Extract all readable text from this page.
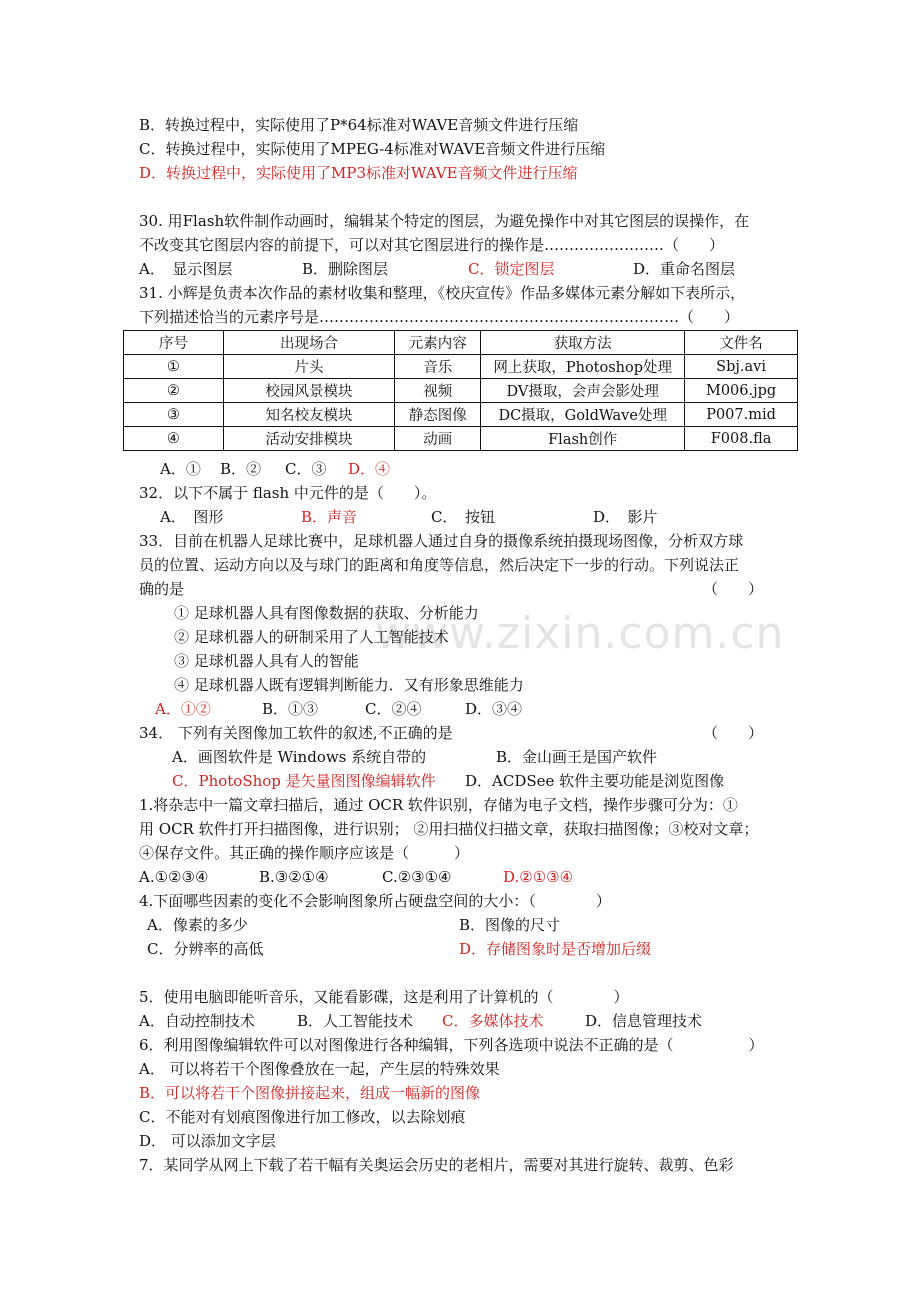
www.zixin.com.cn
B．转换过程中，实际使用了P*64标准对WAVE音频文件进行压缩
C．转换过程中，实际使用了MPEG-4标准对WAVE音频文件进行压缩
D．转换过程中，实际使用了MP3标准对WAVE音频文件进行压缩
30. 用Flash软件制作动画时，编辑某个特定的图层，为避免操作中对其它图层的误操作，在
不改变其它图层内容的前提下，可以对其它图层进行的操作是……………………（　　）
A．　显示图层	B．删除图层	C．锁定图层	D．重命名图层
31. 小辉是负责本次作品的素材收集和整理，《校庆宣传》作品多媒体元素分解如下表所示，
下列描述恰当的元素序号是………………………………………………………………（　　）
序号	出现场合	元素内容	获取方法	文件名
①	片头	音乐	网上获取，Photoshop处理	Sbj.avi
②	校园风景模块	视频	DV摄取，会声会影处理	M006.jpg
③	知名校友模块	静态图像	DC摄取，GoldWave处理	P007.mid
④	活动安排模块	动画	Flash创作	F008.fla
A．① B．② C．③ D．④
32．以下不属于 flash 中元件的是（　　）。
A．　图形	B．声音	C．　按钮	D．　影片
33．目前在机器人足球比赛中，足球机器人通过自身的摄像系统拍摄现场图像，分析双方球
员的位置、运动方向以及与球门的距离和角度等信息，然后决定下一步的行动。下列说法正
确的是	（　　）
① 足球机器人具有图像数据的获取、分析能力
② 足球机器人的研制采用了人工智能技术
③ 足球机器人具有人的智能
④ 足球机器人既有逻辑判断能力．又有形象思维能力
A．①②	B．①③	C．②④	D．③④
34． 下列有关图像加工软件的叙述,不正确的是	（　　）
A．画图软件是 Windows 系统自带的	B．金山画王是国产软件
C．PhotoShop 是矢量图图像编辑软件 D．ACDSee 软件主要功能是浏览图像
1.将杂志中一篇文章扫描后，通过 OCR 软件识别，存储为电子文档，操作步骤可分为：①
用 OCR 软件打开扫描图像，进行识别； ②用扫描仪扫描文章，获取扫描图像；③校对文章；
④保存文件。其正确的操作顺序应该是（　　　）
A.①②③④	B.③②①④	C.②③①④	D.②①③④
4.下面哪些因素的变化不会影响图象所占硬盘空间的大小：（　　　　）
A．像素的多少	B．图像的尺寸
C．分辨率的高低	D．存储图象时是否增加后缀
5．使用电脑即能听音乐，又能看影碟，这是利用了计算机的（　　　　）
A．自动控制技术	B．人工智能技术 C．多媒体技术	D．信息管理技术
6．利用图像编辑软件可以对图像进行各种编辑，下列各选项中说法不正确的是（　　　　　）
A． 可以将若干个图像叠放在一起，产生层的特殊效果
B．可以将若干个图像拼接起来，组成一幅新的图像
C．不能对有划痕图像进行加工修改，以去除划痕
D． 可以添加文字层
7．某同学从网上下载了若干幅有关奥运会历史的老相片，需要对其进行旋转、裁剪、色彩
